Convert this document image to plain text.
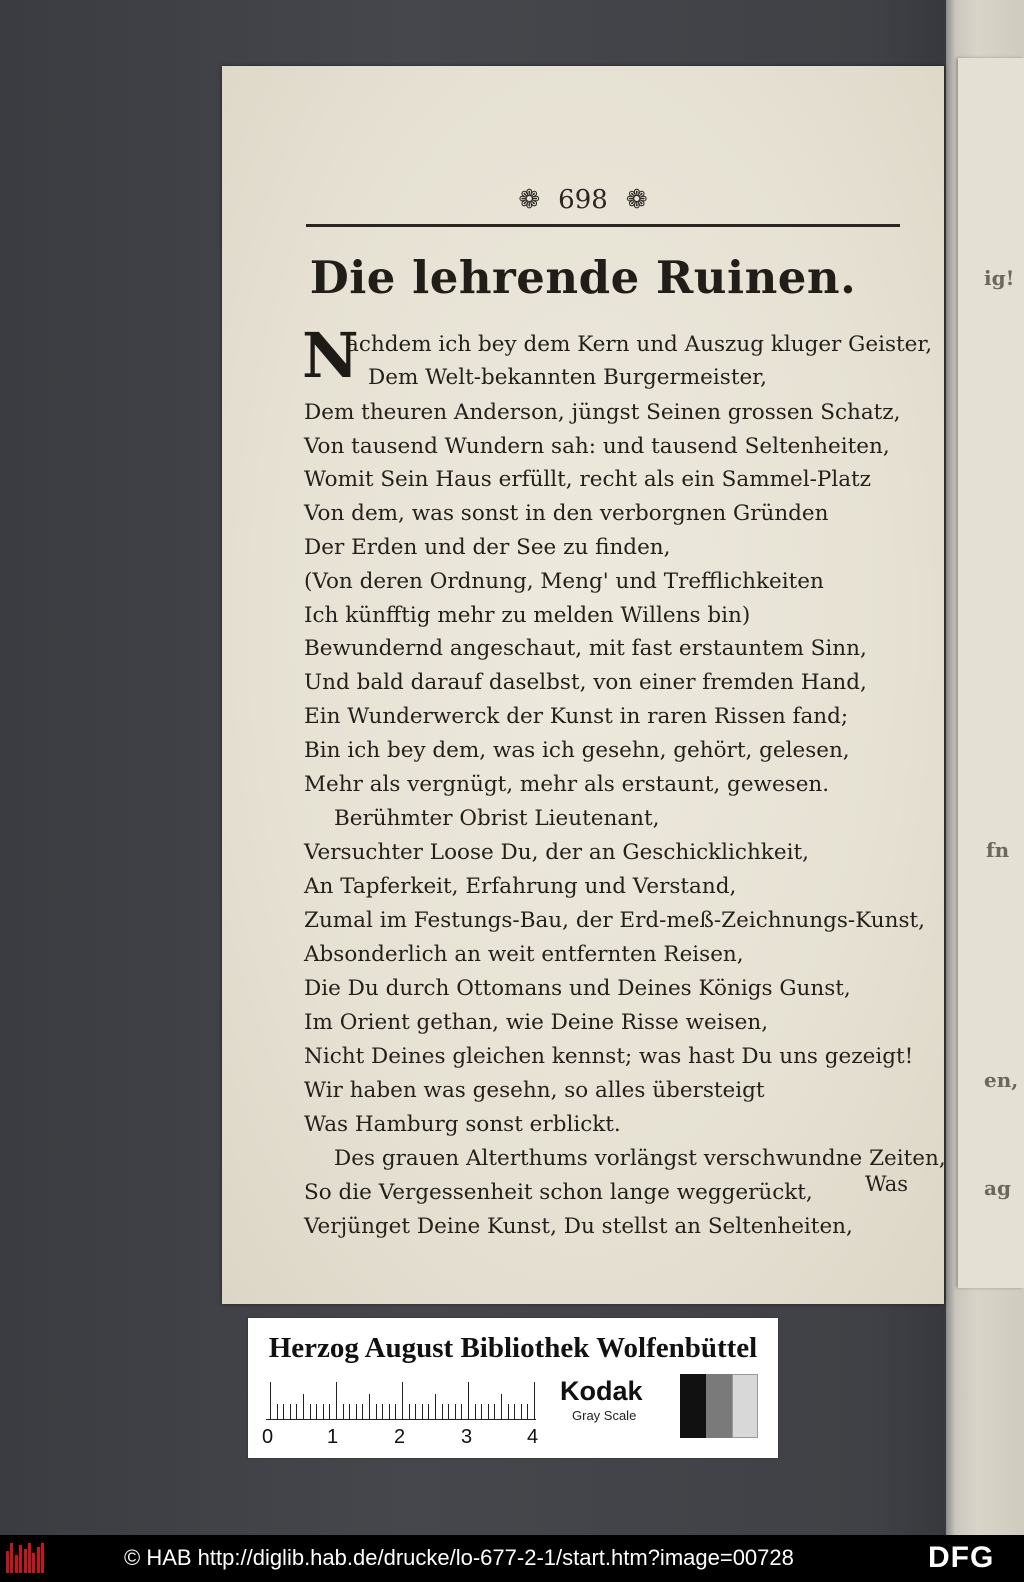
ig!
fn
en,
ag
❁ 698 ❁
Die lehrende Ruinen.
N
achdem ich bey dem Kern und Auszug kluger Geister,
Dem Welt-bekannten Burgermeister,
Dem theuren Anderson, jüngst Seinen grossen Schatz,
Von tausend Wundern sah: und tausend Seltenheiten,
Womit Sein Haus erfüllt, recht als ein Sammel-Platz
Von dem, was sonst in den verborgnen Gründen
Der Erden und der See zu finden,
(Von deren Ordnung, Meng' und Trefflichkeiten
Ich künfftig mehr zu melden Willens bin)
Bewundernd angeschaut, mit fast erstauntem Sinn,
Und bald darauf daselbst, von einer fremden Hand,
Ein Wunderwerck der Kunst in raren Rissen fand;
Bin ich bey dem, was ich gesehn, gehört, gelesen,
Mehr als vergnügt, mehr als erstaunt, gewesen.
Berühmter Obrist Lieutenant,
Versuchter Loose Du, der an Geschicklichkeit,
An Tapferkeit, Erfahrung und Verstand,
Zumal im Festungs-Bau, der Erd-meß-Zeichnungs-Kunst,
Absonderlich an weit entfernten Reisen,
Die Du durch Ottomans und Deines Königs Gunst,
Im Orient gethan, wie Deine Risse weisen,
Nicht Deines gleichen kennst; was hast Du uns gezeigt!
Wir haben was gesehn, so alles übersteigt
Was Hamburg sonst erblickt.
Des grauen Alterthums vorlängst verschwundne Zeiten,
So die Vergessenheit schon lange weggerückt,
Verjünget Deine Kunst, Du stellst an Seltenheiten,
Was
Herzog August Bibliothek Wolfenbüttel
0	1	2	3	4
Kodak
Gray Scale
© HAB http://diglib.hab.de/drucke/lo-677-2-1/start.htm?image=00728	DFG
